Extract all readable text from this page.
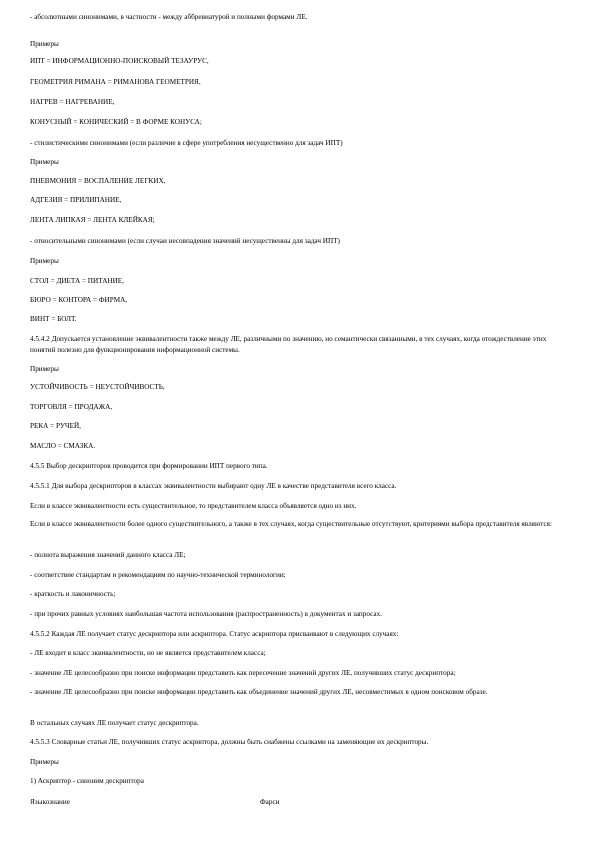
- абсолютными синонимами, в частности - между аббревиатурой и полными формами ЛЕ.
Примеры
ИПТ = ИНФОРМАЦИОННО-ПОИСКОВЫЙ ТЕЗАУРУС,
ГЕОМЕТРИЯ РИМАНА = РИМАНОВА ГЕОМЕТРИЯ,
НАГРЕВ = НАГРЕВАНИЕ,
КОНУСНЫЙ = КОНИЧЕСКИЙ = В ФОРМЕ КОНУСА;
- стилистическими синонимами (если различие в сфере употребления несущественно для задач ИПТ)
Примеры
ПНЕВМОНИЯ = ВОСПАЛЕНИЕ ЛЕГКИХ,
АДГЕЗИЯ = ПРИЛИПАНИЕ,
ЛЕНТА ЛИПКАЯ = ЛЕНТА КЛЕЙКАЯ;
- относительными синонимами (если случаи несовпадения значений несущественны для задач ИПТ)
Примеры
СТОЛ = ДИЕТА = ПИТАНИЕ,
БЮРО = КОНТОРА = ФИРМА,
ВИНТ = БОЛТ.
4.5.4.2 Допускается установление эквивалентности также между ЛЕ, различными по значению, но семантически связанными, в тех случаях, когда отождествление этих понятий полезно для функционирования информационной системы.
Примеры
УСТОЙЧИВОСТЬ = НЕУСТОЙЧИВОСТЬ,
ТОРГОВЛЯ = ПРОДАЖА,
РЕКА = РУЧЕЙ,
МАСЛО = СМАЗКА.
4.5.5 Выбор дескрипторов проводится при формировании ИПТ первого типа.
4.5.5.1 Для выбора дескрипторов в классах эквивалентности выбирают одну ЛЕ в качестве представителя всего класса.
Если в классе эквивалентности есть существительное, то представителем класса объявляется одно из них.
Если в классе эквивалентности более одного существительного, а также в тех случаях, когда существительные отсутствуют, критериями выбора представителя являются:
- полнота выражения значений данного класса ЛЕ;
- соответствие стандартам и рекомендациям по научно-технической терминологии;
- краткость и лаконичность;
- при прочих равных условиях наибольшая частота использования (распространенность) в документах и запросах.
4.5.5.2 Каждая ЛЕ получает статус дескриптора или аскриптора. Статус аскриптора присваивают в следующих случаях:
- ЛЕ входит в класс эквивалентности, но не является представителем класса;
- значение ЛЕ целесообразно при поиске информации представить как пересечение значений других ЛЕ, получивших статус дескриптора;
- значение ЛЕ целесообразно при поиске информации представить как объединение значений других ЛЕ, несовместимых в одном поисковом образе.
В остальных случаях ЛЕ получает статус дескриптора.
4.5.5.3 Словарные статьи ЛЕ, получивших статус аскриптора, должны быть снабжены ссылками на заменяющие их дескрипторы.
Примеры
1) Аскриптор - синоним дескриптора
Языкознание	Фарси
